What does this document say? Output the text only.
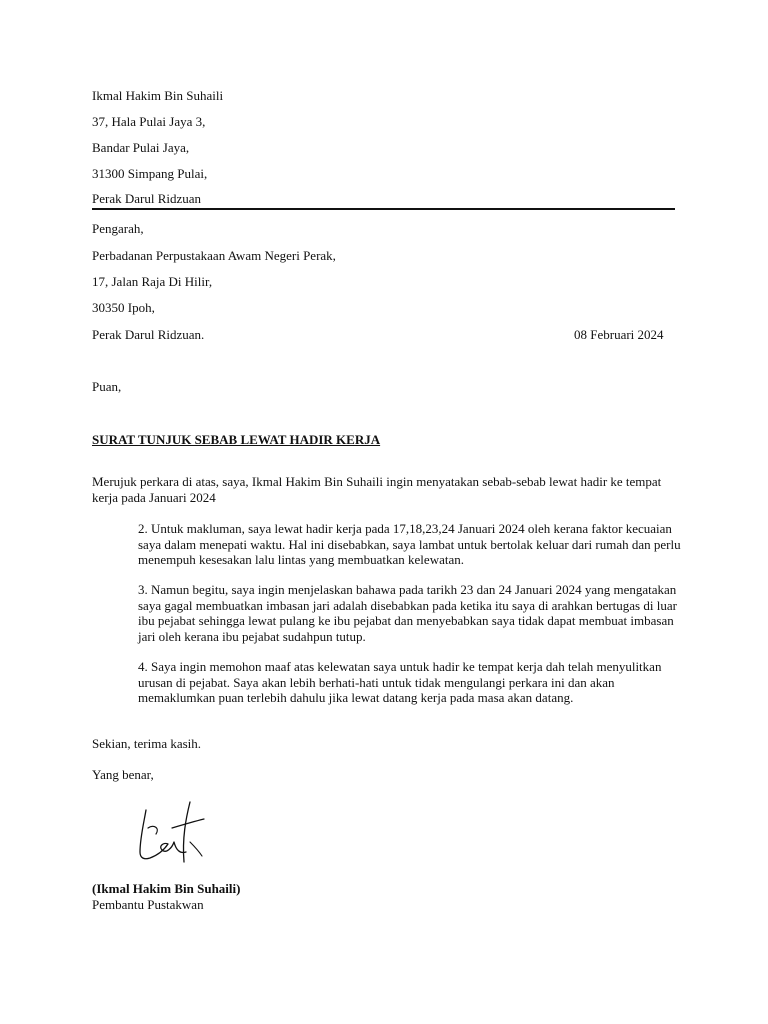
Ikmal Hakim Bin Suhaili
37, Hala Pulai Jaya 3,
Bandar Pulai Jaya,
31300 Simpang Pulai,
Perak Darul Ridzuan
Pengarah,
Perbadanan Perpustakaan Awam Negeri Perak,
17, Jalan Raja Di Hilir,
30350 Ipoh,
Perak Darul Ridzuan.	08 Februari 2024
Puan,
SURAT TUNJUK SEBAB LEWAT HADIR KERJA
Merujuk perkara di atas, saya, Ikmal Hakim Bin Suhaili ingin menyatakan sebab-sebab lewat hadir ke tempat kerja pada Januari 2024
2. Untuk makluman, saya lewat hadir kerja pada 17,18,23,24 Januari 2024 oleh kerana faktor kecuaian saya dalam menepati waktu. Hal ini disebabkan, saya lambat untuk bertolak keluar dari rumah dan perlu menempuh kesesakan lalu lintas yang membuatkan kelewatan.
3. Namun begitu, saya ingin menjelaskan bahawa pada tarikh 23 dan 24 Januari 2024 yang mengatakan saya gagal membuatkan imbasan jari adalah disebabkan pada ketika itu saya di arahkan bertugas di luar ibu pejabat sehingga lewat pulang ke ibu pejabat dan menyebabkan saya tidak dapat membuat imbasan jari oleh kerana ibu pejabat sudahpun tutup.
4. Saya ingin memohon maaf atas kelewatan saya untuk hadir ke tempat kerja dah telah menyulitkan urusan di pejabat. Saya akan lebih berhati-hati untuk tidak mengulangi perkara ini dan akan memaklumkan puan terlebih dahulu jika lewat datang kerja pada masa akan datang.
Sekian, terima kasih.
Yang benar,
(Ikmal Hakim Bin Suhaili)
Pembantu Pustakwan
